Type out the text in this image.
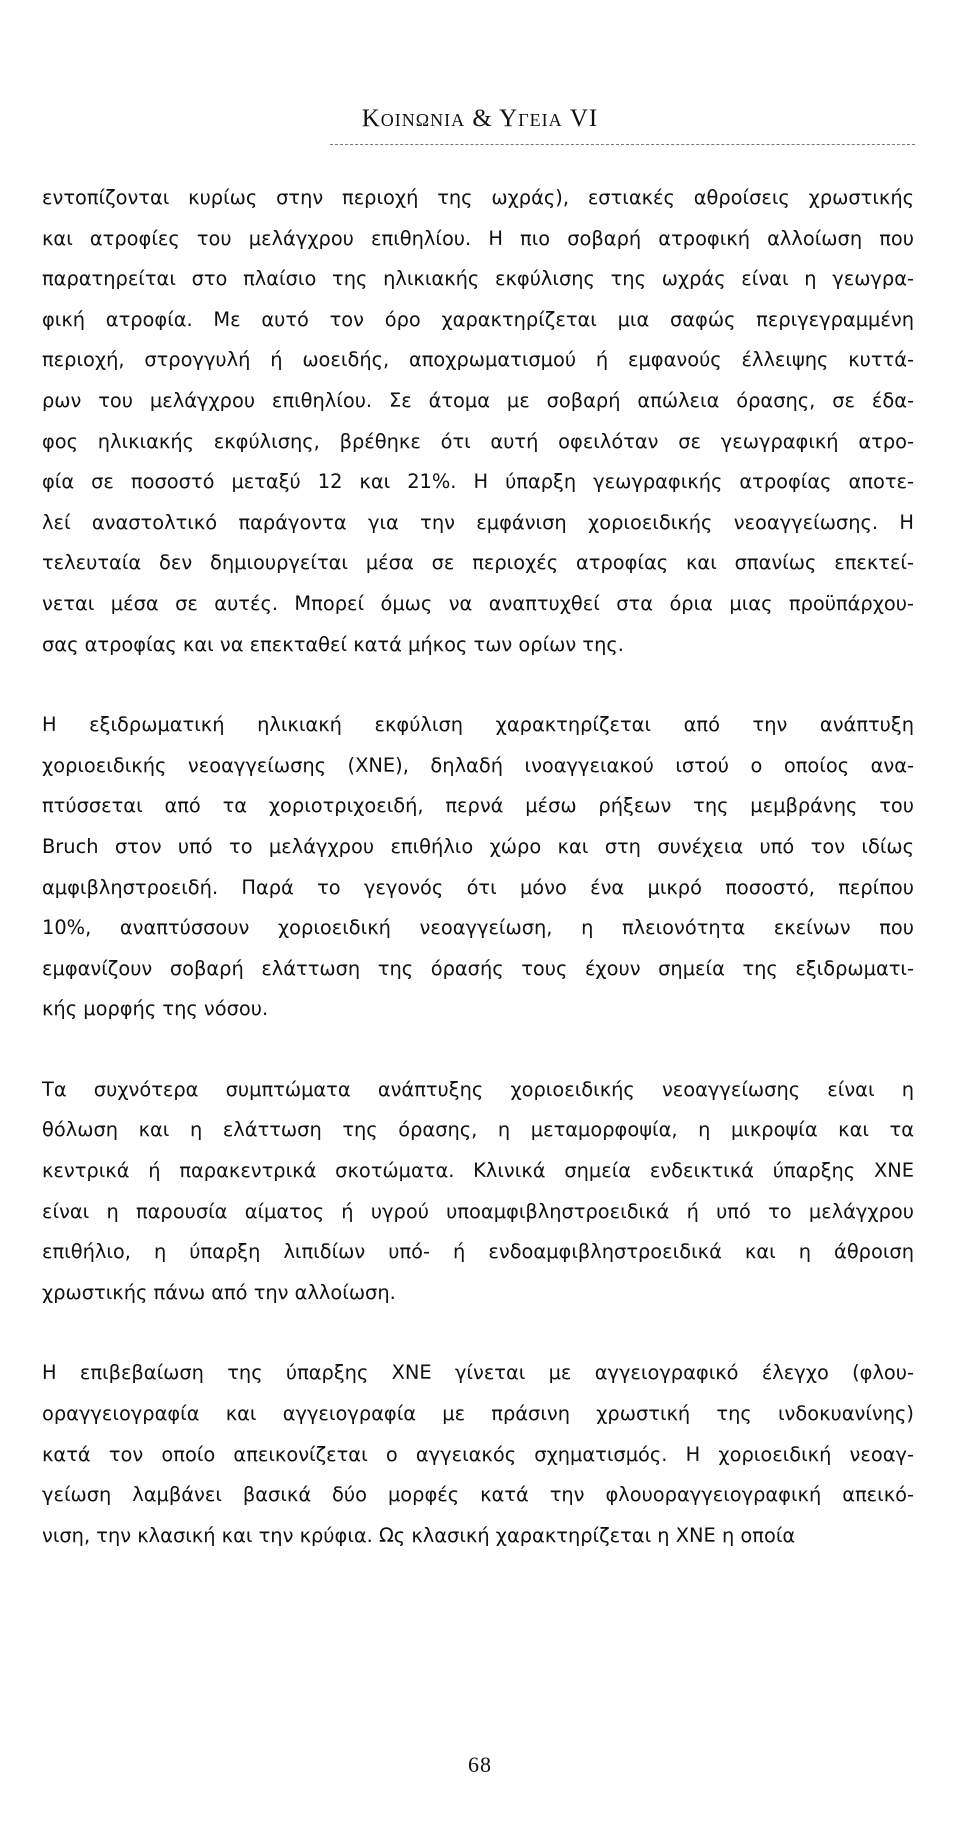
Κοινωνια & Υγεια VI

εντοπίζονται κυρίως στην περιοχή της ωχράς), εστιακές αθροίσεις χρωστικής
και ατροφίες του μελάγχρου επιθηλίου. Η πιο σοβαρή ατροφική αλλοίωση που
παρατηρείται στο πλαίσιο της ηλικιακής εκφύλισης της ωχράς είναι η γεωγρα-
φική ατροφία. Με αυτό τον όρο χαρακτηρίζεται μια σαφώς περιγεγραμμένη
περιοχή, στρογγυλή ή ωοειδής, αποχρωματισμού ή εμφανούς έλλειψης κυττά-
ρων του μελάγχρου επιθηλίου. Σε άτομα με σοβαρή απώλεια όρασης, σε έδα-
φος ηλικιακής εκφύλισης, βρέθηκε ότι αυτή οφειλόταν σε γεωγραφική ατρο-
φία σε ποσοστό μεταξύ 12 και 21%. Η ύπαρξη γεωγραφικής ατροφίας αποτε-
λεί αναστολτικό παράγοντα για την εμφάνιση χοριοειδικής νεοαγγείωσης. Η
τελευταία δεν δημιουργείται μέσα σε περιοχές ατροφίας και σπανίως επεκτεί-
νεται μέσα σε αυτές. Μπορεί όμως να αναπτυχθεί στα όρια μιας προϋπάρχου-
σας ατροφίας και να επεκταθεί κατά μήκος των ορίων της.

Η εξιδρωματική ηλικιακή εκφύλιση χαρακτηρίζεται από την ανάπτυξη
χοριοειδικής νεοαγγείωσης (ΧΝΕ), δηλαδή ινοαγγειακού ιστού ο οποίος ανα-
πτύσσεται από τα χοριοτριχοειδή, περνά μέσω ρήξεων της μεμβράνης του
Bruch στον υπό το μελάγχρου επιθήλιο χώρο και στη συνέχεια υπό τον ιδίως
αμφιβληστροειδή. Παρά το γεγονός ότι μόνο ένα μικρό ποσοστό, περίπου
10%, αναπτύσσουν χοριοειδική νεοαγγείωση, η πλειονότητα εκείνων που
εμφανίζουν σοβαρή ελάττωση της όρασής τους έχουν σημεία της εξιδρωματι-
κής μορφής της νόσου.

Τα συχνότερα συμπτώματα ανάπτυξης χοριοειδικής νεοαγγείωσης είναι η
θόλωση και η ελάττωση της όρασης, η μεταμορφοψία, η μικροψία και τα
κεντρικά ή παρακεντρικά σκοτώματα. Κλινικά σημεία ενδεικτικά ύπαρξης ΧΝΕ
είναι η παρουσία αίματος ή υγρού υποαμφιβληστροειδικά ή υπό το μελάγχρου
επιθήλιο, η ύπαρξη λιπιδίων υπό- ή ενδοαμφιβληστροειδικά και η άθροιση
χρωστικής πάνω από την αλλοίωση.

Η επιβεβαίωση της ύπαρξης ΧΝΕ γίνεται με αγγειογραφικό έλεγχο (φλου-
οραγγειογραφία και αγγειογραφία με πράσινη χρωστική της ινδοκυανίνης)
κατά τον οποίο απεικονίζεται ο αγγειακός σχηματισμός. Η χοριοειδική νεοαγ-
γείωση λαμβάνει βασικά δύο μορφές κατά την φλουοραγγειογραφική απεικό-
νιση, την κλασική και την κρύφια. Ως κλασική χαρακτηρίζεται η ΧΝΕ η οποία

68
